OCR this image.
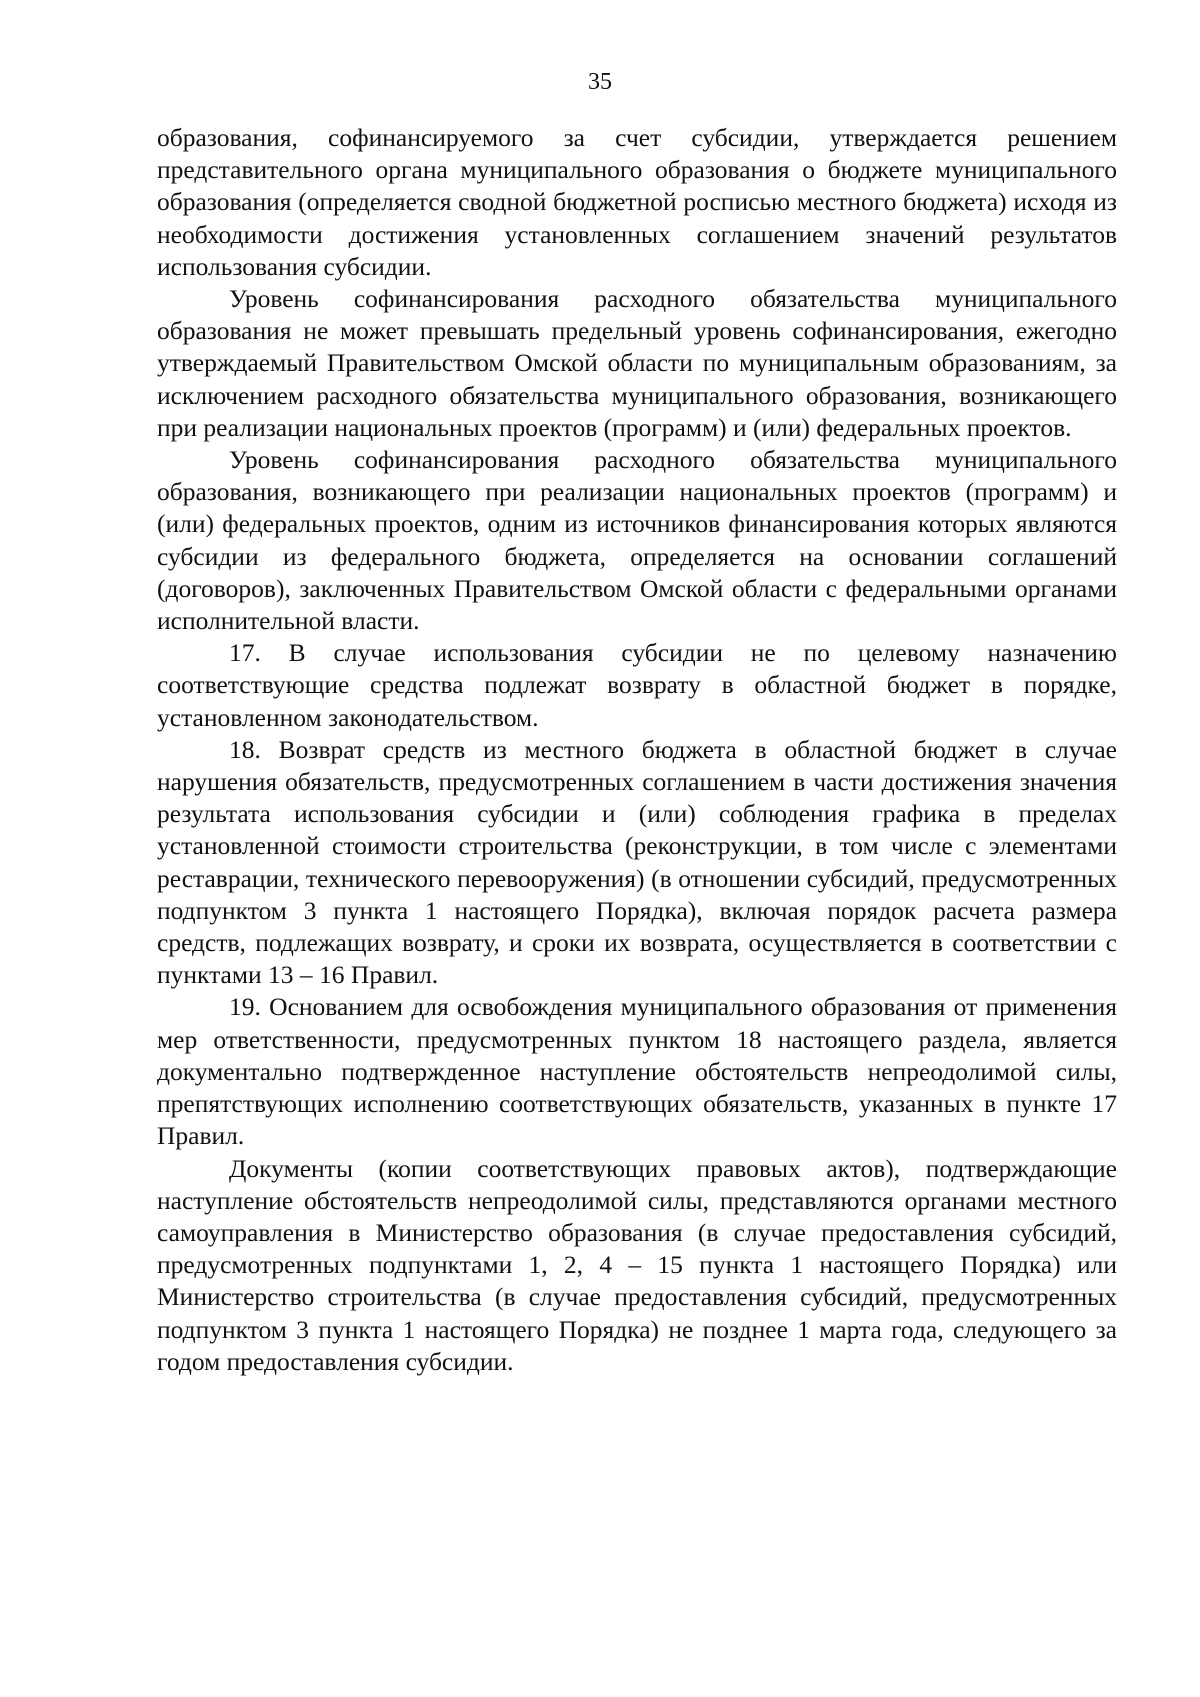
35

образования, софинансируемого за счет субсидии, утверждается решением представительного органа муниципального образования о бюджете муниципального образования (определяется сводной бюджетной росписью местного бюджета) исходя из необходимости достижения установленных соглашением значений результатов использования субсидии.

Уровень софинансирования расходного обязательства муниципального образования не может превышать предельный уровень софинансирования, ежегодно утверждаемый Правительством Омской области по муниципальным образованиям, за исключением расходного обязательства муниципального образования, возникающего при реализации национальных проектов (программ) и (или) федеральных проектов.

Уровень софинансирования расходного обязательства муниципального образования, возникающего при реализации национальных проектов (программ) и (или) федеральных проектов, одним из источников финансирования которых являются субсидии из федерального бюджета, определяется на основании соглашений (договоров), заключенных Правительством Омской области с федеральными органами исполнительной власти.

17. В случае использования субсидии не по целевому назначению соответствующие средства подлежат возврату в областной бюджет в порядке, установленном законодательством.

18. Возврат средств из местного бюджета в областной бюджет в случае нарушения обязательств, предусмотренных соглашением в части достижения значения результата использования субсидии и (или) соблюдения графика в пределах установленной стоимости строительства (реконструкции, в том числе с элементами реставрации, технического перевооружения) (в отношении субсидий, предусмотренных подпунктом 3 пункта 1 настоящего Порядка), включая порядок расчета размера средств, подлежащих возврату, и сроки их возврата, осуществляется в соответствии с пунктами 13 – 16 Правил.

19. Основанием для освобождения муниципального образования от применения мер ответственности, предусмотренных пунктом 18 настоящего раздела, является документально подтвержденное наступление обстоятельств непреодолимой силы, препятствующих исполнению соответствующих обязательств, указанных в пункте 17 Правил.

Документы (копии соответствующих правовых актов), подтверждающие наступление обстоятельств непреодолимой силы, представляются органами местного самоуправления в Министерство образования (в случае предоставления субсидий, предусмотренных подпунктами 1, 2, 4 – 15 пункта 1 настоящего Порядка) или Министерство строительства (в случае предоставления субсидий, предусмотренных подпунктом 3 пункта 1 настоящего Порядка) не позднее 1 марта года, следующего за годом предоставления субсидии.
